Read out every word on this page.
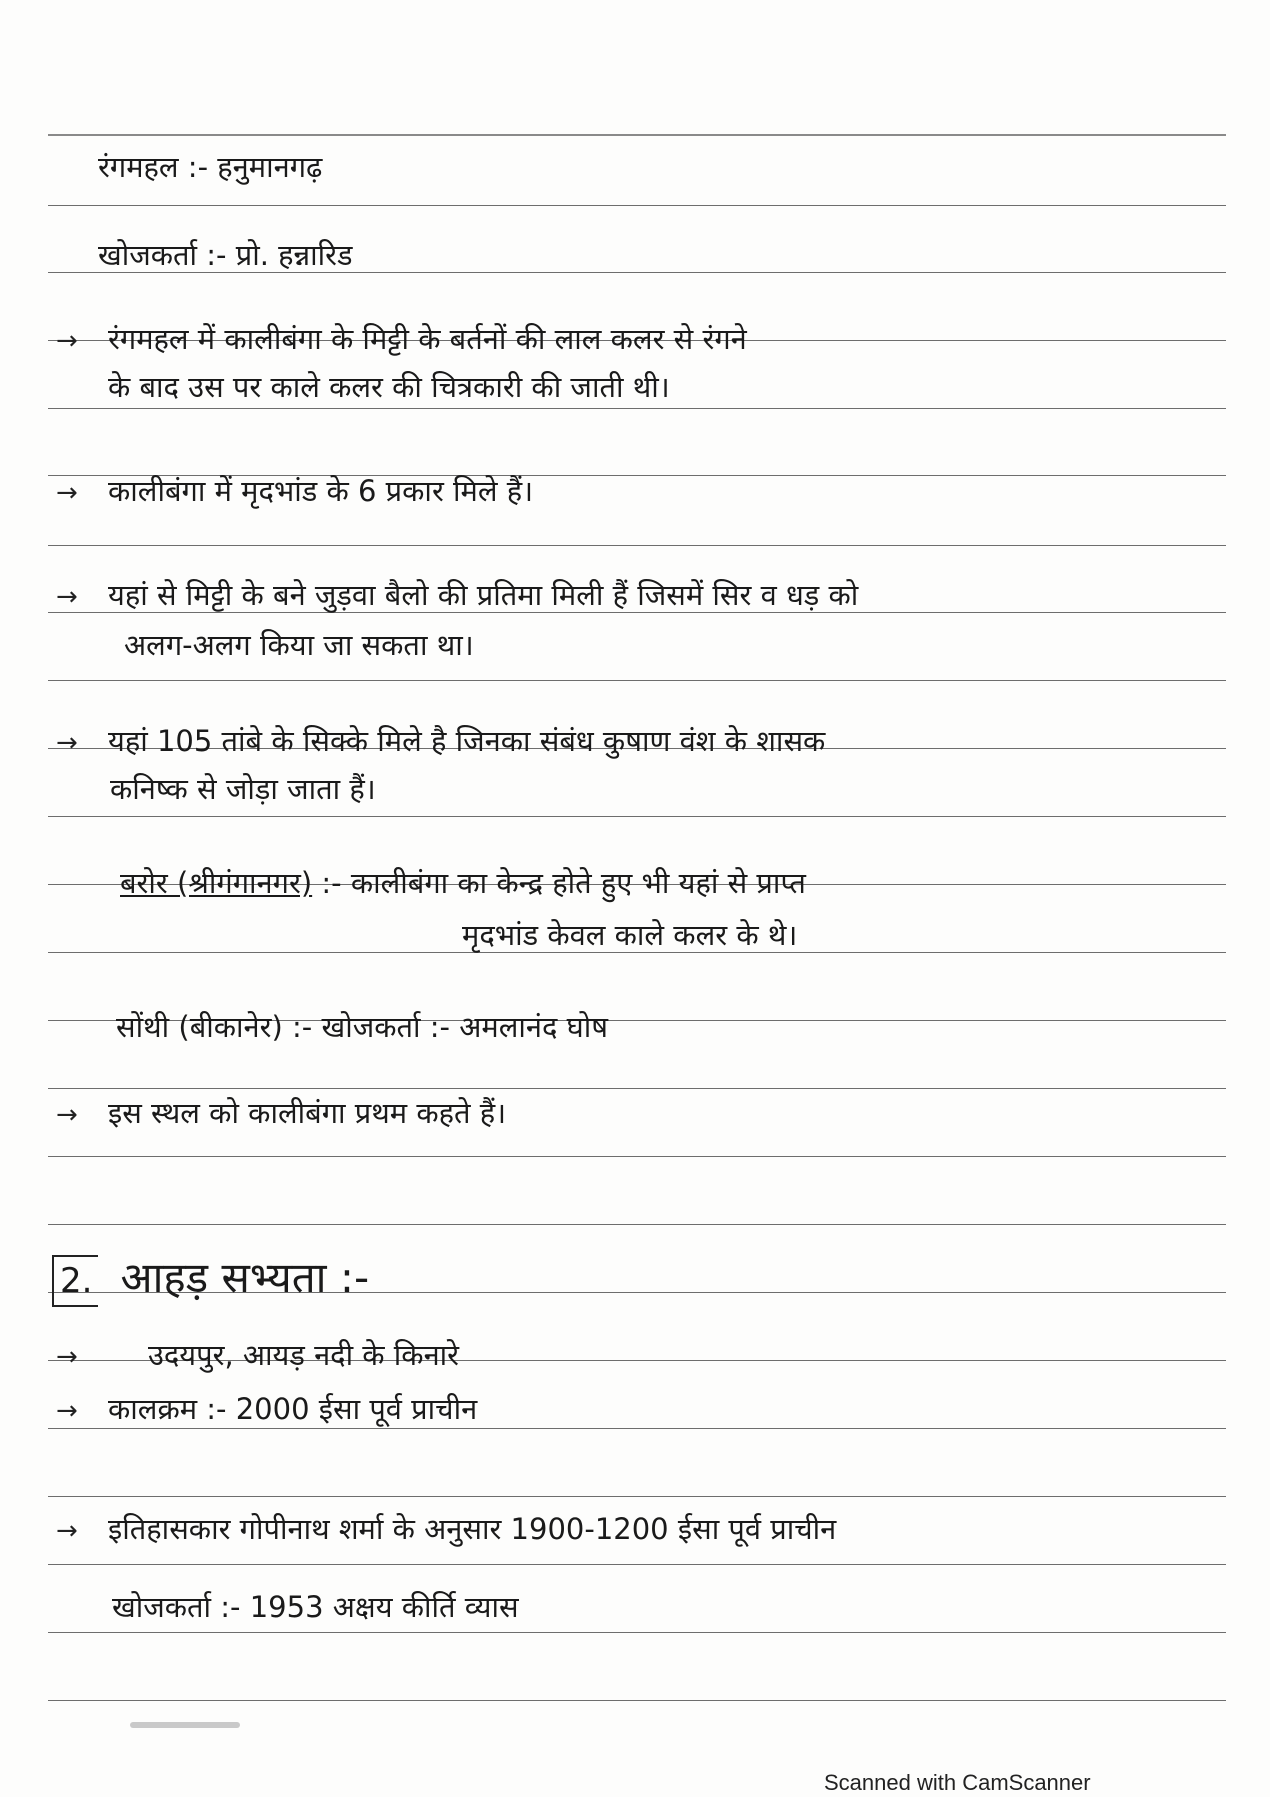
रंगमहल :- हनुमानगढ़
खोजकर्ता :- प्रो. हन्नारिड
→ रंगमहल में कालीबंगा के मिट्टी के बर्तनों की लाल कलर से रंगने
के बाद उस पर काले कलर की चित्रकारी की जाती थी।
→ कालीबंगा में मृदभांड के 6 प्रकार मिले हैं।
→ यहां से मिट्टी के बने जुड़वा बैलो की प्रतिमा मिली हैं जिसमें सिर व धड़ को
अलग-अलग किया जा सकता था।
→ यहां 105 तांबे के सिक्के मिले है जिनका संबंध कुषाण वंश के शासक
कनिष्क से जोड़ा जाता हैं।
बरोर (श्रीगंगानगर) :- कालीबंगा का केन्द्र होते हुए भी यहां से प्राप्त
मृदभांड केवल काले कलर के थे।
सोंथी (बीकानेर) :- खोजकर्ता :- अमलानंद घोष
→ इस स्थल को कालीबंगा प्रथम कहते हैं।
2. आहड़ सभ्यता :-
→ उदयपुर, आयड़ नदी के किनारे
→ कालक्रम :- 2000 ईसा पूर्व प्राचीन
→ इतिहासकार गोपीनाथ शर्मा के अनुसार 1900-1200 ईसा पूर्व प्राचीन
खोजकर्ता :- 1953 अक्षय कीर्ति व्यास
Scanned with CamScanner
